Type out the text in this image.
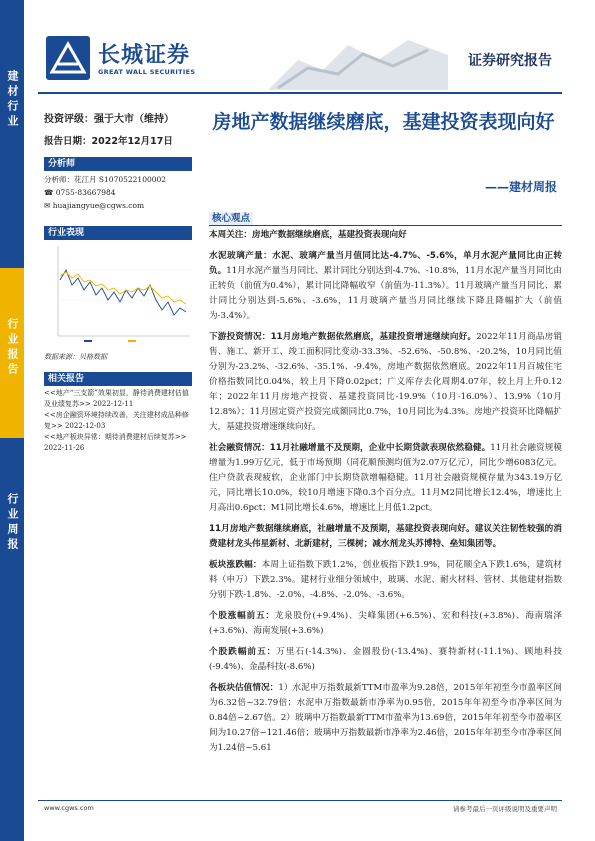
建材行业
行业报告
行业周报
长城证券
GREAT WALL SECURITIES
证券研究报告
投资评级：强于大市（维持）
报告日期：2022年12月17日
分析师
分析师：花江月 S1070522100002
☎ 0755-83667984
✉ huajiangyue@cgws.com
行业表现
数据来源：贝格数据
相关报告
<<地产“三支箭”效果初显，静待消费建材估值及业绩复苏>> 2022-12-11
<<房企融资环境持续改善，关注建材成品种修复>> 2022-12-03
<<地产板块异常：期待消费建材后续复苏>> 2022-11-26
房地产数据继续磨底，基建投资表现向好
——建材周报
核心观点

本周关注：房地产数据继续磨底，基建投资表现向好

水泥玻璃产量：水泥、玻璃产量当月值同比达-4.7%、-5.6%，单月水泥产量同比由正转负。11月水泥产量当月同比、累计同比分别达到-4.7%、-10.8%，11月水泥产量当月同比由正转负（前值为0.4%），累计同比降幅收窄（前值为-11.3%）。11月玻璃产量当月同比、累计同比分别达到-5.6%、-3.6%，11月玻璃产量当月同比继续下降且降幅扩大（前值为-3.4%）。

下游投资情况：11月房地产数据依然磨底，基建投资增速继续向好。2022年11月商品房销售、施工、新开工、竣工面积同比变动-33.3%、-52.6%、-50.8%、-20.2%，10月同比值分别为-23.2%、-32.6%、-35.1%、-9.4%，房地产数据依然磨底。2022年11月百城住宅价格指数同比0.04%，较上月下降0.02pct；广义库存去化周期4.07年，较上月上升0.12年；2022年11月房地产投资、基建投资同比-19.9%（10月-16.0%）、13.9%（10月12.8%）；11月固定资产投资完成额同比0.7%，10月同比为4.3%。房地产投资环比降幅扩大，基建投资增速继续向好。

社会融资情况：11月社融增量不及预期，企业中长期贷款表现依然稳健。11月社会融资规模增量为1.99万亿元，低于市场预期（同花顺预测均值为2.07万亿元），同比少增6083亿元。住户贷款表现疲软，企业部门中长期贷款增幅稳健。11月社会融资规模存量为343.19万亿元，同比增长10.0%，较10月增速下降0.3个百分点。11月M2同比增长12.4%，增速比上月高出0.6pct；M1同比增长4.6%，增速比上月低1.2pct。

11月房地产数据继续磨底，社融增量不及预期，基建投资表现向好。建议关注韧性较强的消费建材龙头伟星新材、北新建材，三棵树；减水剂龙头苏博特、垒知集团等。

板块涨跌幅：本周上证指数下跌1.2%，创业板指下跌1.9%，同花顺全A下跌1.6%，建筑材料（申万）下跌2.3%。建材行业细分领域中，玻璃、水泥、耐火材料、管材、其他建材指数分别下跌-1.8%、-2.0%、-4.8%、-2.0%、-3.6%。

个股涨幅前五：龙泉股份(+9.4%)、尖峰集团(+6.5%)、宏和科技(+3.8%)、海南瑞泽(+3.6%)、海南发展(+3.6%)

个股跌幅前五：万里石(-14.3%)、金圆股份(-13.4%)、赛特新材(-11.1%)、顾地科技(-9.4%)、金晶科技(-8.6%)

各板块估值情况：1）水泥申万指数最新TTM市盈率为9.28倍，2015年年初至今市盈率区间为6.32倍~32.79倍；水泥申万指数最新市净率为0.95倍，2015年年初至今市净率区间为0.84倍~2.67倍。2）玻璃申万指数最新TTM市盈率为13.69倍，2015年年初至今市盈率区间为10.27倍~121.46倍；玻璃申万指数最新市净率为2.46倍，2015年年初至今市净率区间为1.24倍~5.61

www.cgws.com	请参考最后一页评级说明及重要声明
